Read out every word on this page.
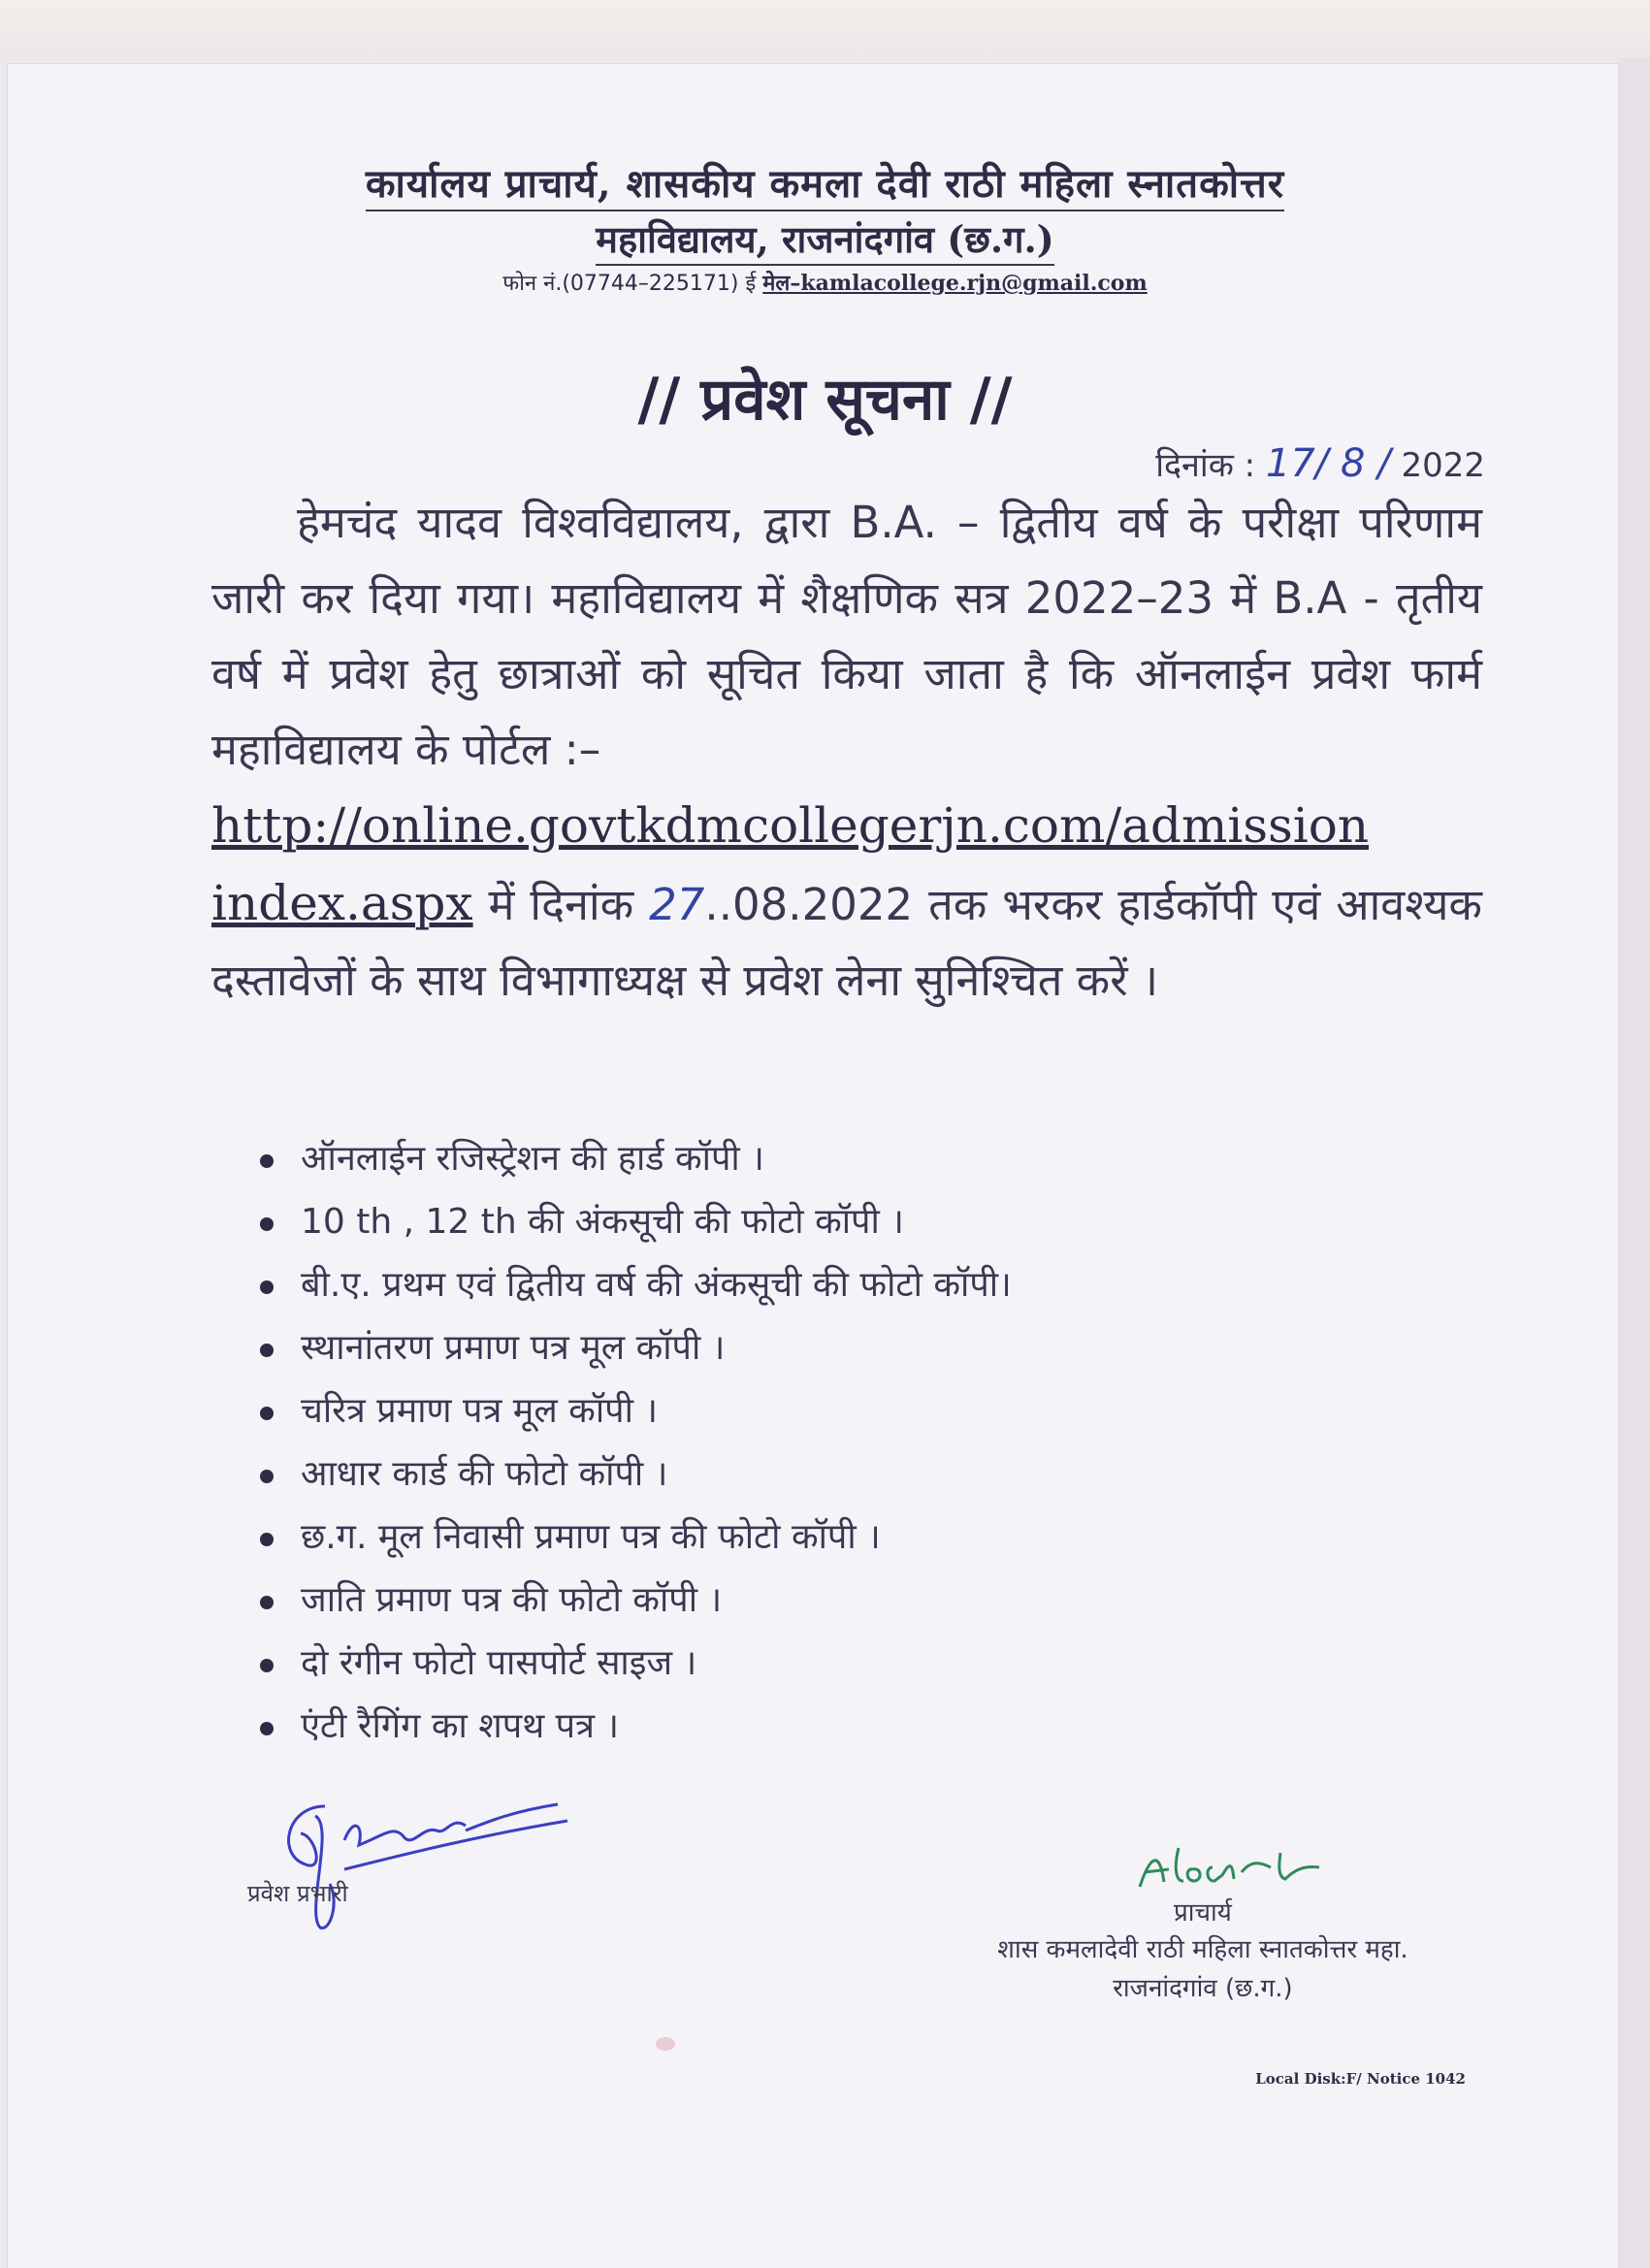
कार्यालय प्राचार्य, शासकीय कमला देवी राठी महिला स्नातकोत्तर
महाविद्यालय, राजनांदगांव (छ.ग.)
फोन नं.(07744–225171) ई मेल–kamlacollege.rjn@gmail.com
// प्रवेश सूचना //
दिनांक : 17/ 8 / 2022
हेमचंद यादव विश्वविद्यालय, द्वारा B.A. – द्वितीय वर्ष के परीक्षा परिणाम जारी कर दिया गया। महाविद्यालय में शैक्षणिक सत्र 2022–23 में B.A - तृतीय वर्ष में प्रवेश हेतु छात्राओं को सूचित किया जाता है कि ऑनलाईन प्रवेश फार्म महाविद्यालय के पोर्टल :–
http://online.govtkdmcollegerjn.com/admission
index.aspx में दिनांक 27..08.2022 तक भरकर हार्डकॉपी एवं आवश्यक दस्तावेजों के साथ विभागाध्यक्ष से प्रवेश लेना सुनिश्चित करें ।
ऑनलाईन रजिस्ट्रेशन की हार्ड कॉपी ।
10 th , 12 th की अंकसूची की फोटो कॉपी ।
बी.ए. प्रथम एवं द्वितीय वर्ष की अंकसूची की फोटो कॉपी।
स्थानांतरण प्रमाण पत्र मूल कॉपी ।
चरित्र प्रमाण पत्र मूल कॉपी ।
आधार कार्ड की फोटो कॉपी ।
छ.ग. मूल निवासी प्रमाण पत्र की फोटो कॉपी ।
जाति प्रमाण पत्र की फोटो कॉपी ।
दो रंगीन फोटो पासपोर्ट साइज ।
एंटी रैगिंग का शपथ पत्र ।
प्रवेश प्रभारी
प्राचार्य
शास कमलादेवी राठी महिला स्नातकोत्तर महा.
राजनांदगांव (छ.ग.)
Local Disk:F/ Notice 1042
